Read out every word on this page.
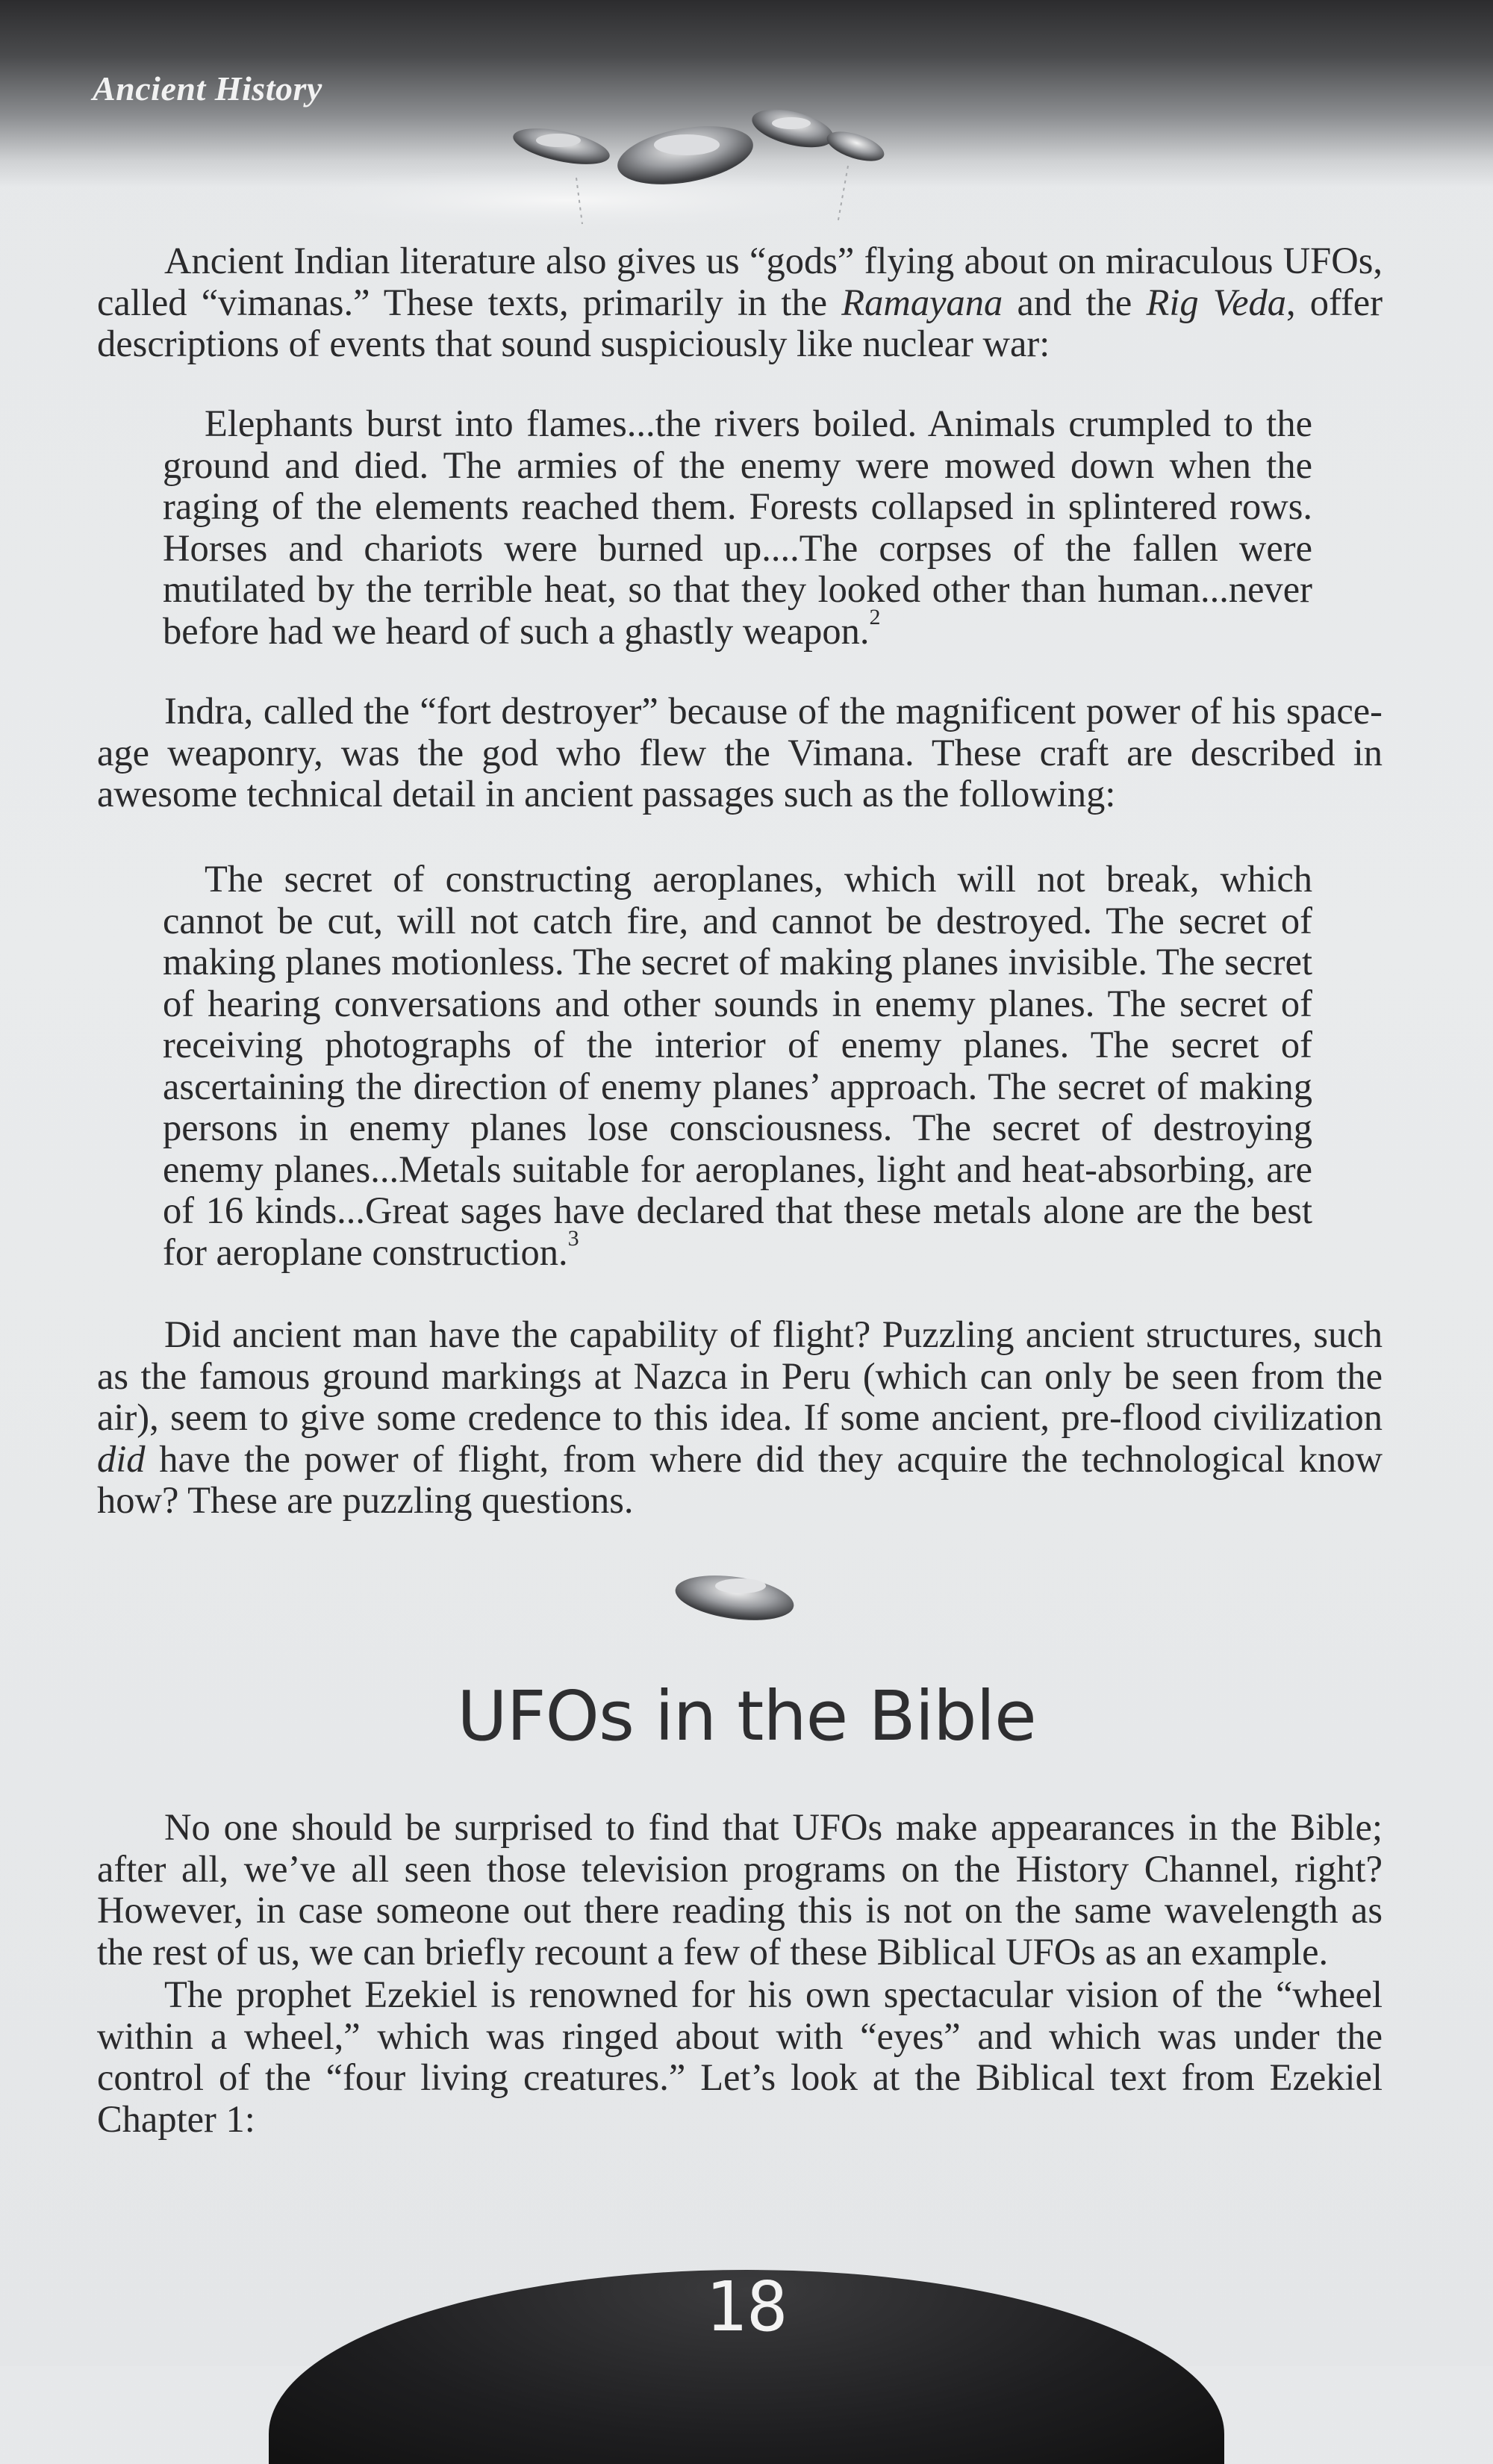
Ancient History

Ancient Indian literature also gives us “gods” flying about on miraculous UFOs, called “vimanas.” These texts, primarily in the Ramayana and the Rig Veda, offer descriptions of events that sound suspiciously like nuclear war:

Elephants burst into flames...the rivers boiled. Animals crumpled to the ground and died. The armies of the enemy were mowed down when the raging of the elements reached them. Forests collapsed in splintered rows. Horses and chariots were burned up....The corpses of the fallen were mutilated by the terrible heat, so that they looked other than human...never before had we heard of such a ghastly weapon.$^2$

Indra, called the “fort destroyer” because of the magnificent power of his space-age weaponry, was the god who flew the Vimana. These craft are described in awesome technical detail in ancient passages such as the following:

The secret of constructing aeroplanes, which will not break, which cannot be cut, will not catch fire, and cannot be destroyed. The secret of making planes motionless. The secret of making planes invisible. The secret of hearing conversations and other sounds in enemy planes. The secret of receiving photographs of the interior of enemy planes. The secret of ascertaining the direction of enemy planes’ approach. The secret of making persons in enemy planes lose consciousness. The secret of destroying enemy planes...Metals suitable for aeroplanes, light and heat-absorbing, are of 16 kinds...Great sages have declared that these metals alone are the best for aeroplane construction.$^3$

Did ancient man have the capability of flight? Puzzling ancient structures, such as the famous ground markings at Nazca in Peru (which can only be seen from the air), seem to give some credence to this idea. If some ancient, pre-flood civilization did have the power of flight, from where did they acquire the technological know how? These are puzzling questions.

UFOs in the Bible

No one should be surprised to find that UFOs make appearances in the Bible; after all, we’ve all seen those television programs on the History Channel, right? However, in case someone out there reading this is not on the same wavelength as the rest of us, we can briefly recount a few of these Biblical UFOs as an example.

The prophet Ezekiel is renowned for his own spectacular vision of the “wheel within a wheel,” which was ringed about with “eyes” and which was under the control of the “four living creatures.” Let’s look at the Biblical text from Ezekiel Chapter 1:

18
